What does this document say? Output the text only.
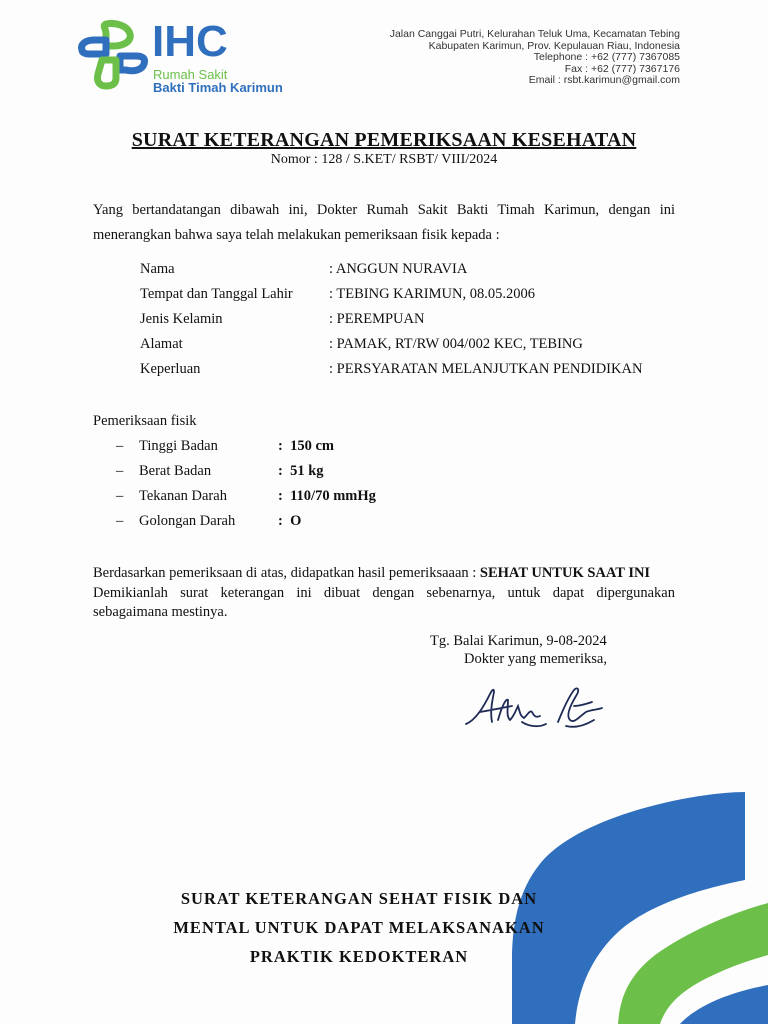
IHC
Rumah Sakit
Bakti Timah Karimun
Jalan Canggai Putri, Kelurahan Teluk Uma, Kecamatan Tebing
Kabupaten Karimun, Prov. Kepulauan Riau, Indonesia
Telephone : +62 (777) 7367085
Fax : +62 (777) 7367176
Email : rsbt.karimun@gmail.com
SURAT KETERANGAN PEMERIKSAAN KESEHATAN
Nomor : 128 / S.KET/ RSBT/ VIII/2024
Yang bertandatangan dibawah ini, Dokter Rumah Sakit Bakti Timah Karimun, dengan ini menerangkan bahwa saya telah melakukan pemeriksaan fisik kepada :
Nama	: ANGGUN NURAVIA
Tempat dan Tanggal Lahir	: TEBING KARIMUN, 08.05.2006
Jenis Kelamin	: PEREMPUAN
Alamat	: PAMAK, RT/RW 004/002 KEC, TEBING
Keperluan	: PERSYARATAN MELANJUTKAN PENDIDIKAN
Pemeriksaan fisik
– Tinggi Badan	: 150 cm
– Berat Badan	: 51 kg
– Tekanan Darah	: 110/70 mmHg
– Golongan Darah	: O
Berdasarkan pemeriksaan di atas, didapatkan hasil pemeriksaaan : SEHAT UNTUK SAAT INI
Demikianlah surat keterangan ini dibuat dengan sebenarnya, untuk dapat dipergunakan
sebagaimana mestinya.
Tg. Balai Karimun, 9-08-2024
Dokter yang memeriksa,
SURAT KETERANGAN SEHAT FISIK DAN
MENTAL UNTUK DAPAT MELAKSANAKAN
PRAKTIK KEDOKTERAN
